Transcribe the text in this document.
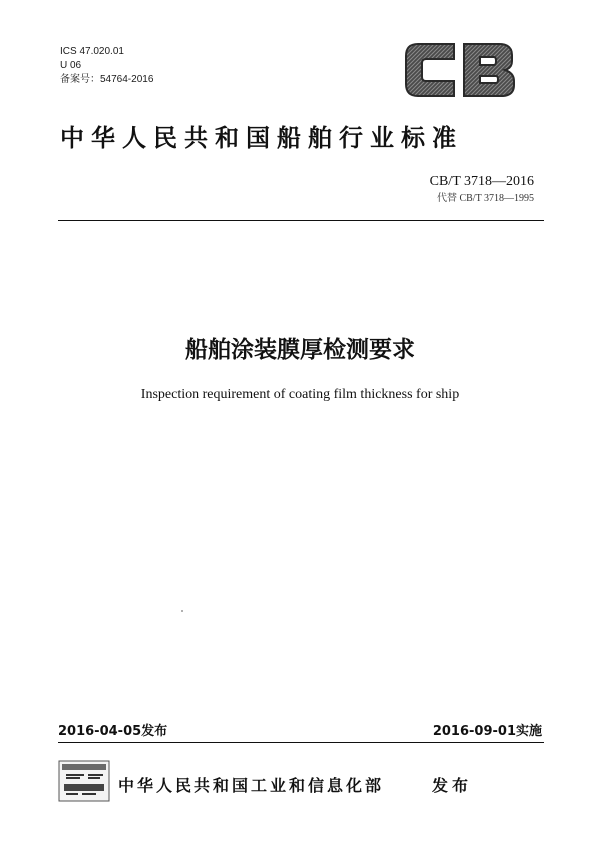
ICS 47.020.01
U 06
备案号：54764-2016
中华人民共和国船舶行业标准
CB/T 3718—2016
代替 CB/T 3718—1995
船舶涂装膜厚检测要求
Inspection requirement of coating film thickness for ship
2016-04-05发布	2016-09-01实施
中华人民共和国工业和信息化部	发布
